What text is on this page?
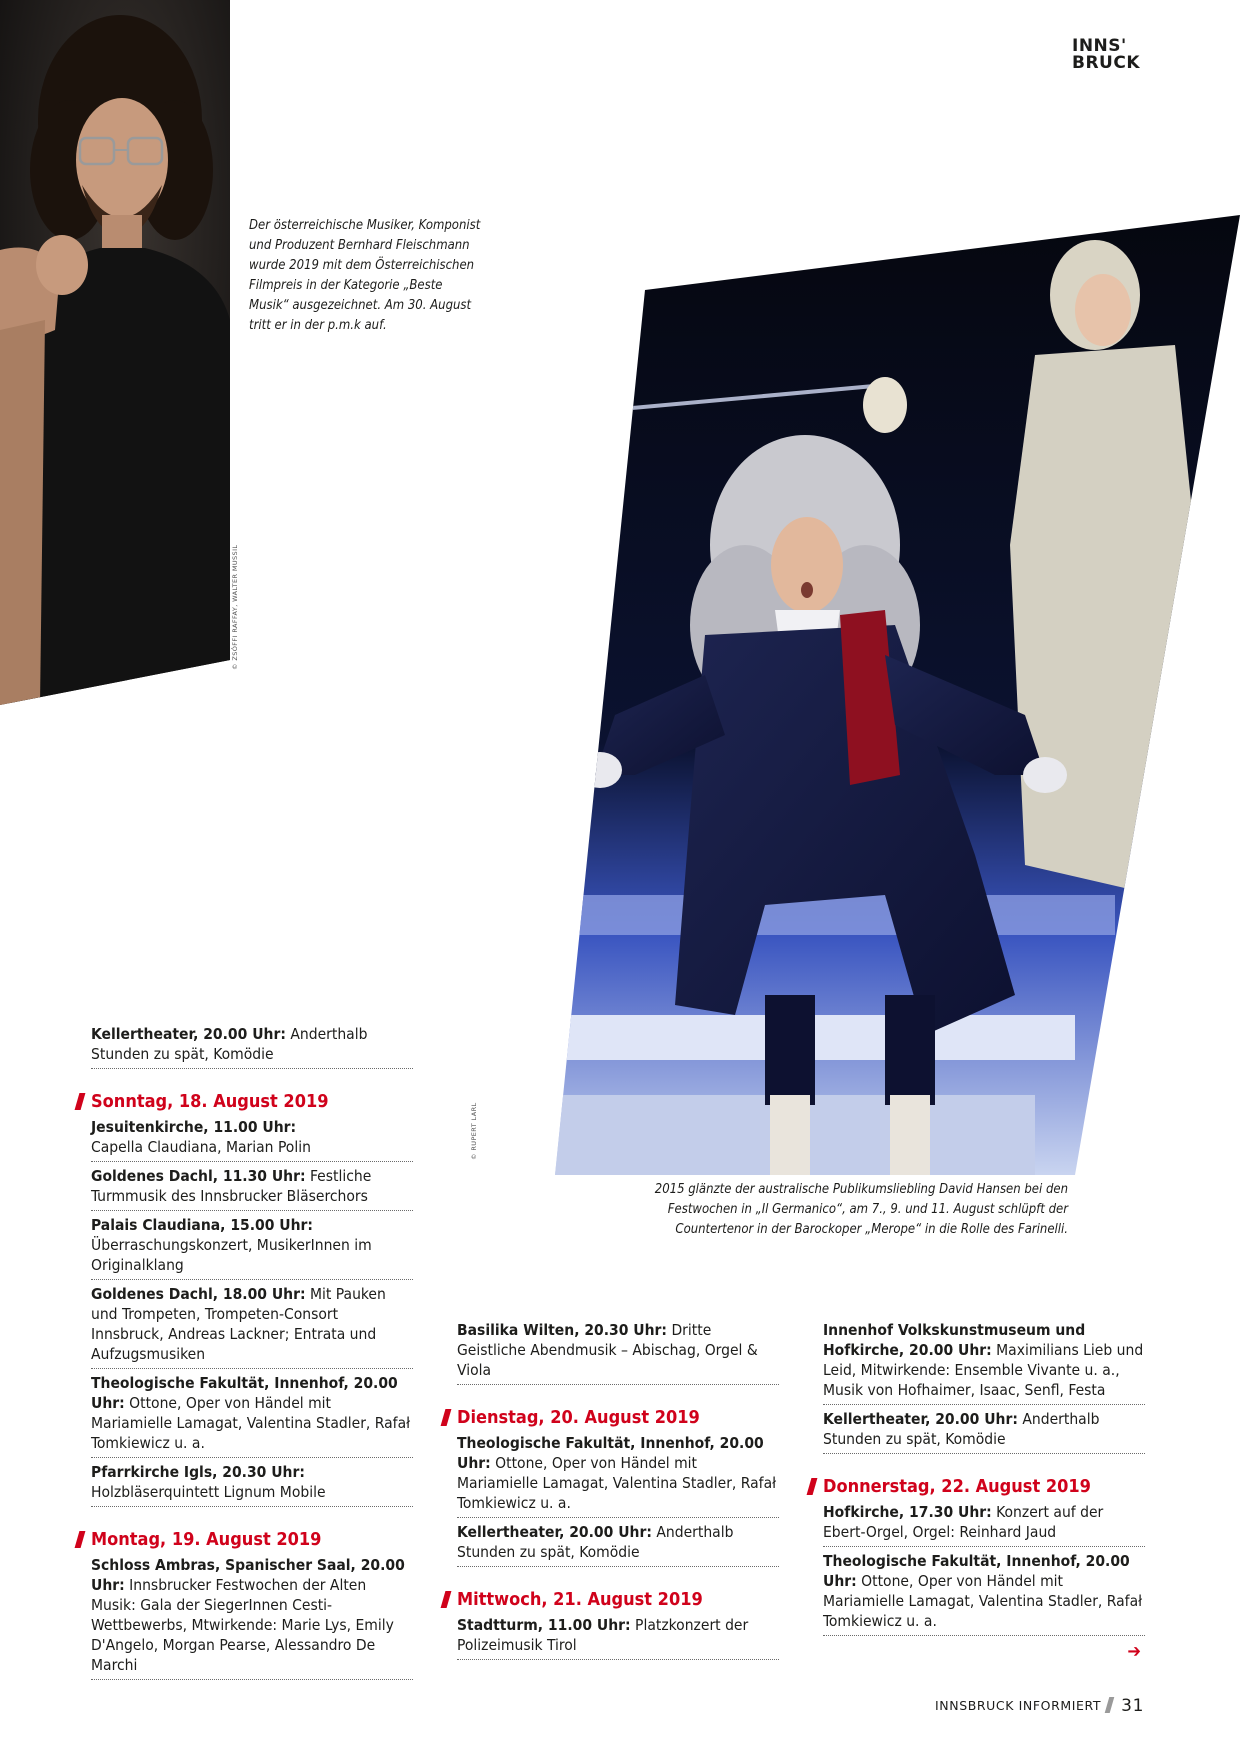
INNS'
BRUCK
© ZSÓFFI RAFFAY, WALTER MUSSIL
Der österreichische Musiker, Komponist und Produzent Bernhard Fleischmann wurde 2019 mit dem Österreichischen Filmpreis in der Kategorie „Beste Musik“ ausgezeichnet. Am 30. August tritt er in der p.m.k auf.
© RUPERT LARL
2015 glänzte der australische Publikumsliebling David Hansen bei den Festwochen in „Il Germanico“, am 7., 9. und 11. August schlüpft der Countertenor in der Barockoper „Merope“ in die Rolle des Farinelli.
Kellertheater, 20.00 Uhr: Anderthalb Stunden zu spät, Komödie
Sonntag, 18. August 2019
Jesuitenkirche, 11.00 Uhr:
Capella Claudiana, Marian Polin
Goldenes Dachl, 11.30 Uhr: Festliche Turmmusik des Innsbrucker Bläserchors
Palais Claudiana, 15.00 Uhr:
Überraschungskonzert, MusikerInnen im Originalklang
Goldenes Dachl, 18.00 Uhr: Mit Pauken und Trompeten, Trompeten-Consort Innsbruck, Andreas Lackner; Entrata und Aufzugsmusiken
Theologische Fakultät, Innenhof, 20.00 Uhr: Ottone, Oper von Händel mit Mariamielle Lamagat, Valentina Stadler, Rafał Tomkiewicz u. a.
Pfarrkirche Igls, 20.30 Uhr:
Holzbläserquintett Lignum Mobile
Montag, 19. August 2019
Schloss Ambras, Spanischer Saal, 20.00 Uhr: Innsbrucker Festwochen der Alten Musik: Gala der SiegerInnen Cesti-Wettbewerbs, Mtwirkende: Marie Lys, Emily D'Angelo, Morgan Pearse, Alessandro De Marchi
Basilika Wilten, 20.30 Uhr: Dritte Geistliche Abendmusik – Abischag, Orgel & Viola
Dienstag, 20. August 2019
Theologische Fakultät, Innenhof, 20.00 Uhr: Ottone, Oper von Händel mit Mariamielle Lamagat, Valentina Stadler, Rafał Tomkiewicz u. a.
Kellertheater, 20.00 Uhr: Anderthalb Stunden zu spät, Komödie
Mittwoch, 21. August 2019
Stadtturm, 11.00 Uhr: Platzkonzert der Polizeimusik Tirol
Innenhof Volkskunstmuseum und Hofkirche, 20.00 Uhr: Maximilians Lieb und Leid, Mitwirkende: Ensemble Vivante u. a., Musik von Hofhaimer, Isaac, Senfl, Festa
Kellertheater, 20.00 Uhr: Anderthalb Stunden zu spät, Komödie
Donnerstag, 22. August 2019
Hofkirche, 17.30 Uhr: Konzert auf der Ebert-Orgel, Orgel: Reinhard Jaud
Theologische Fakultät, Innenhof, 20.00 Uhr: Ottone, Oper von Händel mit Mariamielle Lamagat, Valentina Stadler, Rafał Tomkiewicz u. a.
➔
INNSBRUCK INFORMIERT 31
